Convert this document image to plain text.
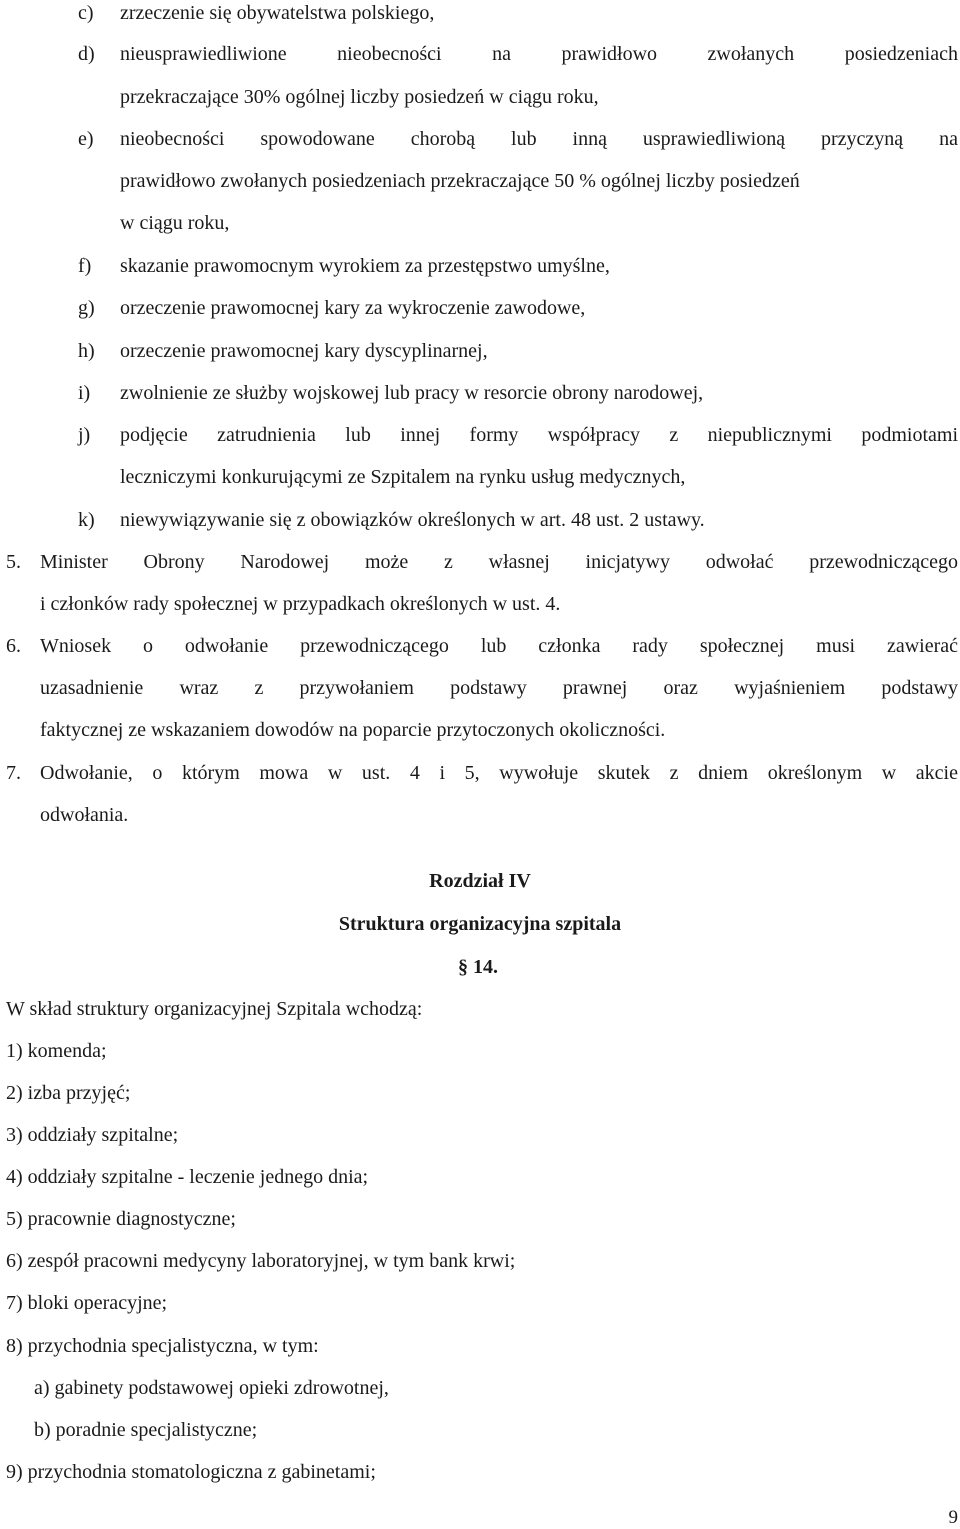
c) zrzeczenie się obywatelstwa polskiego,
d) nieusprawiedliwione nieobecności na prawidłowo zwołanych posiedzeniach
przekraczające 30% ogólnej liczby posiedzeń w ciągu roku,
e) nieobecności spowodowane chorobą lub inną usprawiedliwioną przyczyną na
prawidłowo zwołanych posiedzeniach przekraczające 50 % ogólnej liczby posiedzeń
w ciągu roku,
f) skazanie prawomocnym wyrokiem za przestępstwo umyślne,
g) orzeczenie prawomocnej kary za wykroczenie zawodowe,
h) orzeczenie prawomocnej kary dyscyplinarnej,
i) zwolnienie ze służby wojskowej lub pracy w resorcie obrony narodowej,
j) podjęcie zatrudnienia lub innej formy współpracy z niepublicznymi podmiotami
leczniczymi konkurującymi ze Szpitalem na rynku usług medycznych,
k) niewywiązywanie się z obowiązków określonych w art. 48 ust. 2 ustawy.
5. Minister Obrony Narodowej może z własnej inicjatywy odwołać przewodniczącego
i członków rady społecznej w przypadkach określonych w ust. 4.
6. Wniosek o odwołanie przewodniczącego lub członka rady społecznej musi zawierać
uzasadnienie wraz z przywołaniem podstawy prawnej oraz wyjaśnieniem podstawy
faktycznej ze wskazaniem dowodów na poparcie przytoczonych okoliczności.
7. Odwołanie, o którym mowa w ust. 4 i 5, wywołuje skutek z dniem określonym w akcie
odwołania.
Rozdział IV
Struktura organizacyjna szpitala
§ 14.
W skład struktury organizacyjnej Szpitala wchodzą:
1) komenda;
2) izba przyjęć;
3) oddziały szpitalne;
4) oddziały szpitalne - leczenie jednego dnia;
5) pracownie diagnostyczne;
6) zespół pracowni medycyny laboratoryjnej, w tym bank krwi;
7) bloki operacyjne;
8) przychodnia specjalistyczna, w tym:
a) gabinety podstawowej opieki zdrowotnej,
b) poradnie specjalistyczne;
9) przychodnia stomatologiczna z gabinetami;
9
